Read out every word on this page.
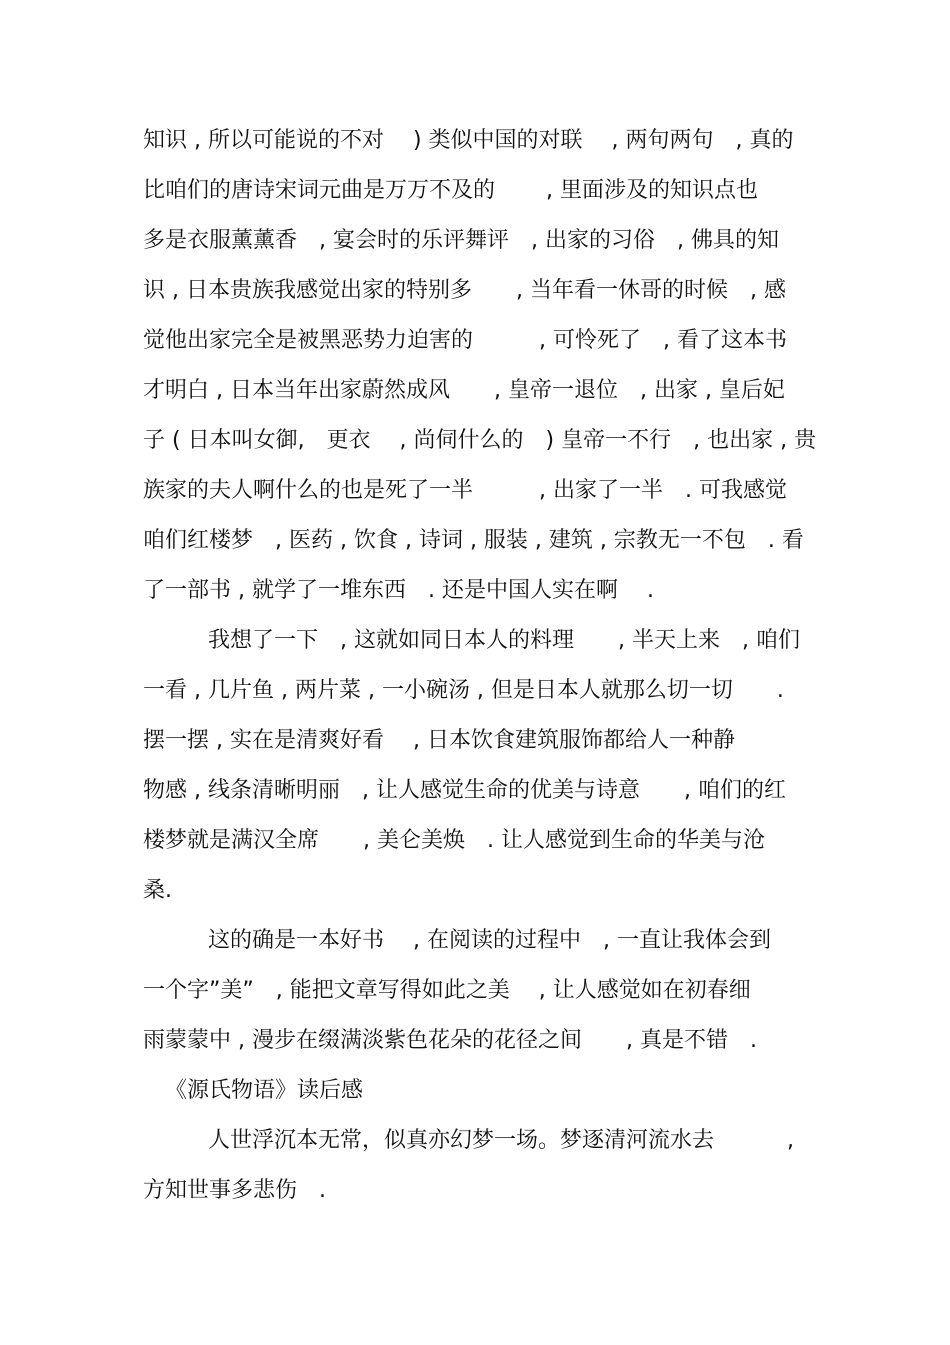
知识 , 所以可能说的不对　 ) 类似中国的对联　 , 两句两句　, 真的
比咱们的唐诗宋词元曲是万万不及的　　 , 里面涉及的知识点也
多是衣服薰薰香　, 宴会时的乐评舞评　, 出家的习俗　, 佛具的知
识 , 日本贵族我感觉出家的特别多　　, 当年看一休哥的时候　, 感
觉他出家完全是被黑恶势力迫害的　　　, 可怜死了　, 看了这本书
才明白 , 日本当年出家蔚然成风　　, 皇帝一退位　, 出家 , 皇后妃
子 ( 日本叫女御,　更衣　 , 尚伺什么的　) 皇帝一不行　, 也出家 , 贵
族家的夫人啊什么的也是死了一半　　　, 出家了一半　. 可我感觉
咱们红楼梦　, 医药 , 饮食 , 诗词 , 服装 , 建筑 , 宗教无一不包　. 看
了一部书 , 就学了一堆东西　. 还是中国人实在啊　 .
我想了一下　, 这就如同日本人的料理　　, 半天上来　, 咱们
一看 , 几片鱼 , 两片菜 , 一小碗汤 , 但是日本人就那么切一切　　.
摆一摆 , 实在是清爽好看　 , 日本饮食建筑服饰都给人一种静
物感 , 线条清晰明丽　, 让人感觉生命的优美与诗意　　, 咱们的红
楼梦就是满汉全席　　, 美仑美焕　. 让人感觉到生命的华美与沧
桑.
这的确是一本好书　 , 在阅读的过程中　, 一直让我体会到
一个字”美”　, 能把文章写得如此之美　 , 让人感觉如在初春细
雨蒙蒙中 , 漫步在缀满淡紫色花朵的花径之间　　, 真是不错　.
《源氏物语》读后感
人世浮沉本无常，似真亦幻梦一场。梦逐清河流水去　　　 ,
方知世事多悲伤　.
